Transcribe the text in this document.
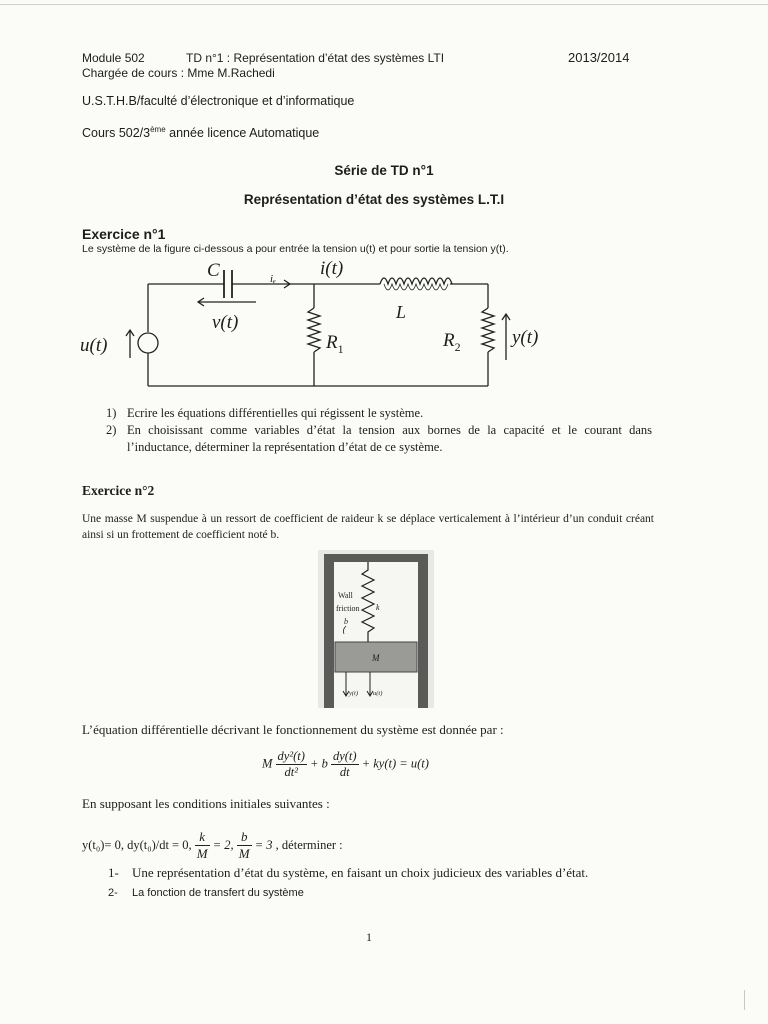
Module 502	TD n°1 : Représentation d’état des systèmes LTI	2013/2014
Chargée de cours : Mme M.Rachedi
U.S.T.H.B/faculté d’électronique et d’informatique
Cours 502/3ème année licence Automatique
Série de TD n°1
Représentation d’état des systèmes L.T.I
Exercice n°1
Le système de la figure ci-dessous a pour entrée la tension u(t) et pour sortie la tension y(t).
C	iₑ i(t)
L
v(t)
$R_1$	$R_2$
u(t)	y(t)
1) Ecrire les équations différentielles qui régissent le système.
2) En choisissant comme variables d’état la tension aux bornes de la capacité et le courant dans l’inductance, déterminer la représentation d’état de ce système.
Exercice n°2
Une masse M suspendue à un ressort de coefficient de raideur k se déplace verticalement à l’intérieur d’un conduit créant ainsi si un frottement de coefficient noté b.
Wall
friction
b
k
M
y(t) u(t)
L’équation différentielle décrivant le fonctionnement du système est donnée par :
M $\frac{\text{dy²(t)}}{\text{dt²}} + b \frac{dy(t)}{dt} + ky(t) = u(t)$
En supposant les conditions initiales suivantes :
y(t₀)= 0, dy(t₀)/dt = 0, $\frac{k}{M} = 2$, $\frac{b}{M} = 3$ , déterminer :
1- Une représentation d’état du système, en faisant un choix judicieux des variables d’état.
2- La fonction de transfert du système
1
